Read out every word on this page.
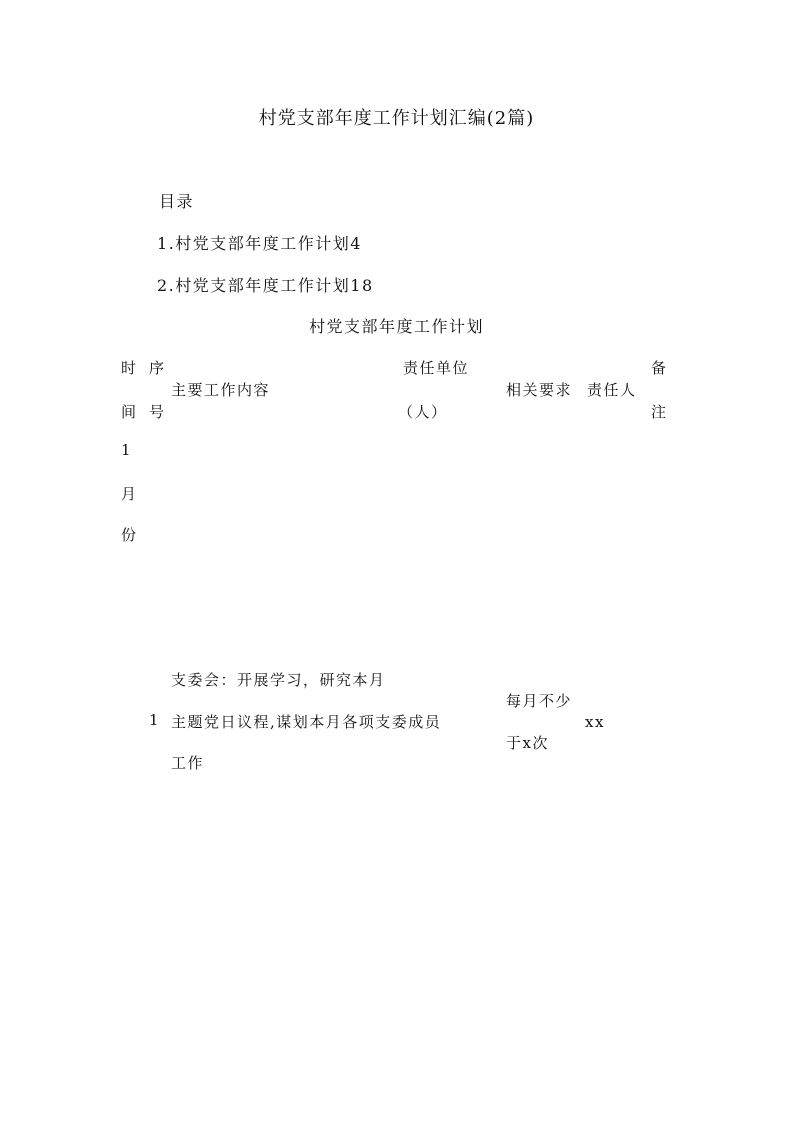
村党支部年度工作计划汇编(2篇)
目录
1.村党支部年度工作计划4
2.村党支部年度工作计划18
村党支部年度工作计划
时
间
序
号
主要工作内容
责任单位
（人）
相关要求 责任人
备
注
1
月
份
1
支委会：开展学习，研究本月
主题党日议程,谋划本月各项支委成员
工作
每月不少
于x次
xx
